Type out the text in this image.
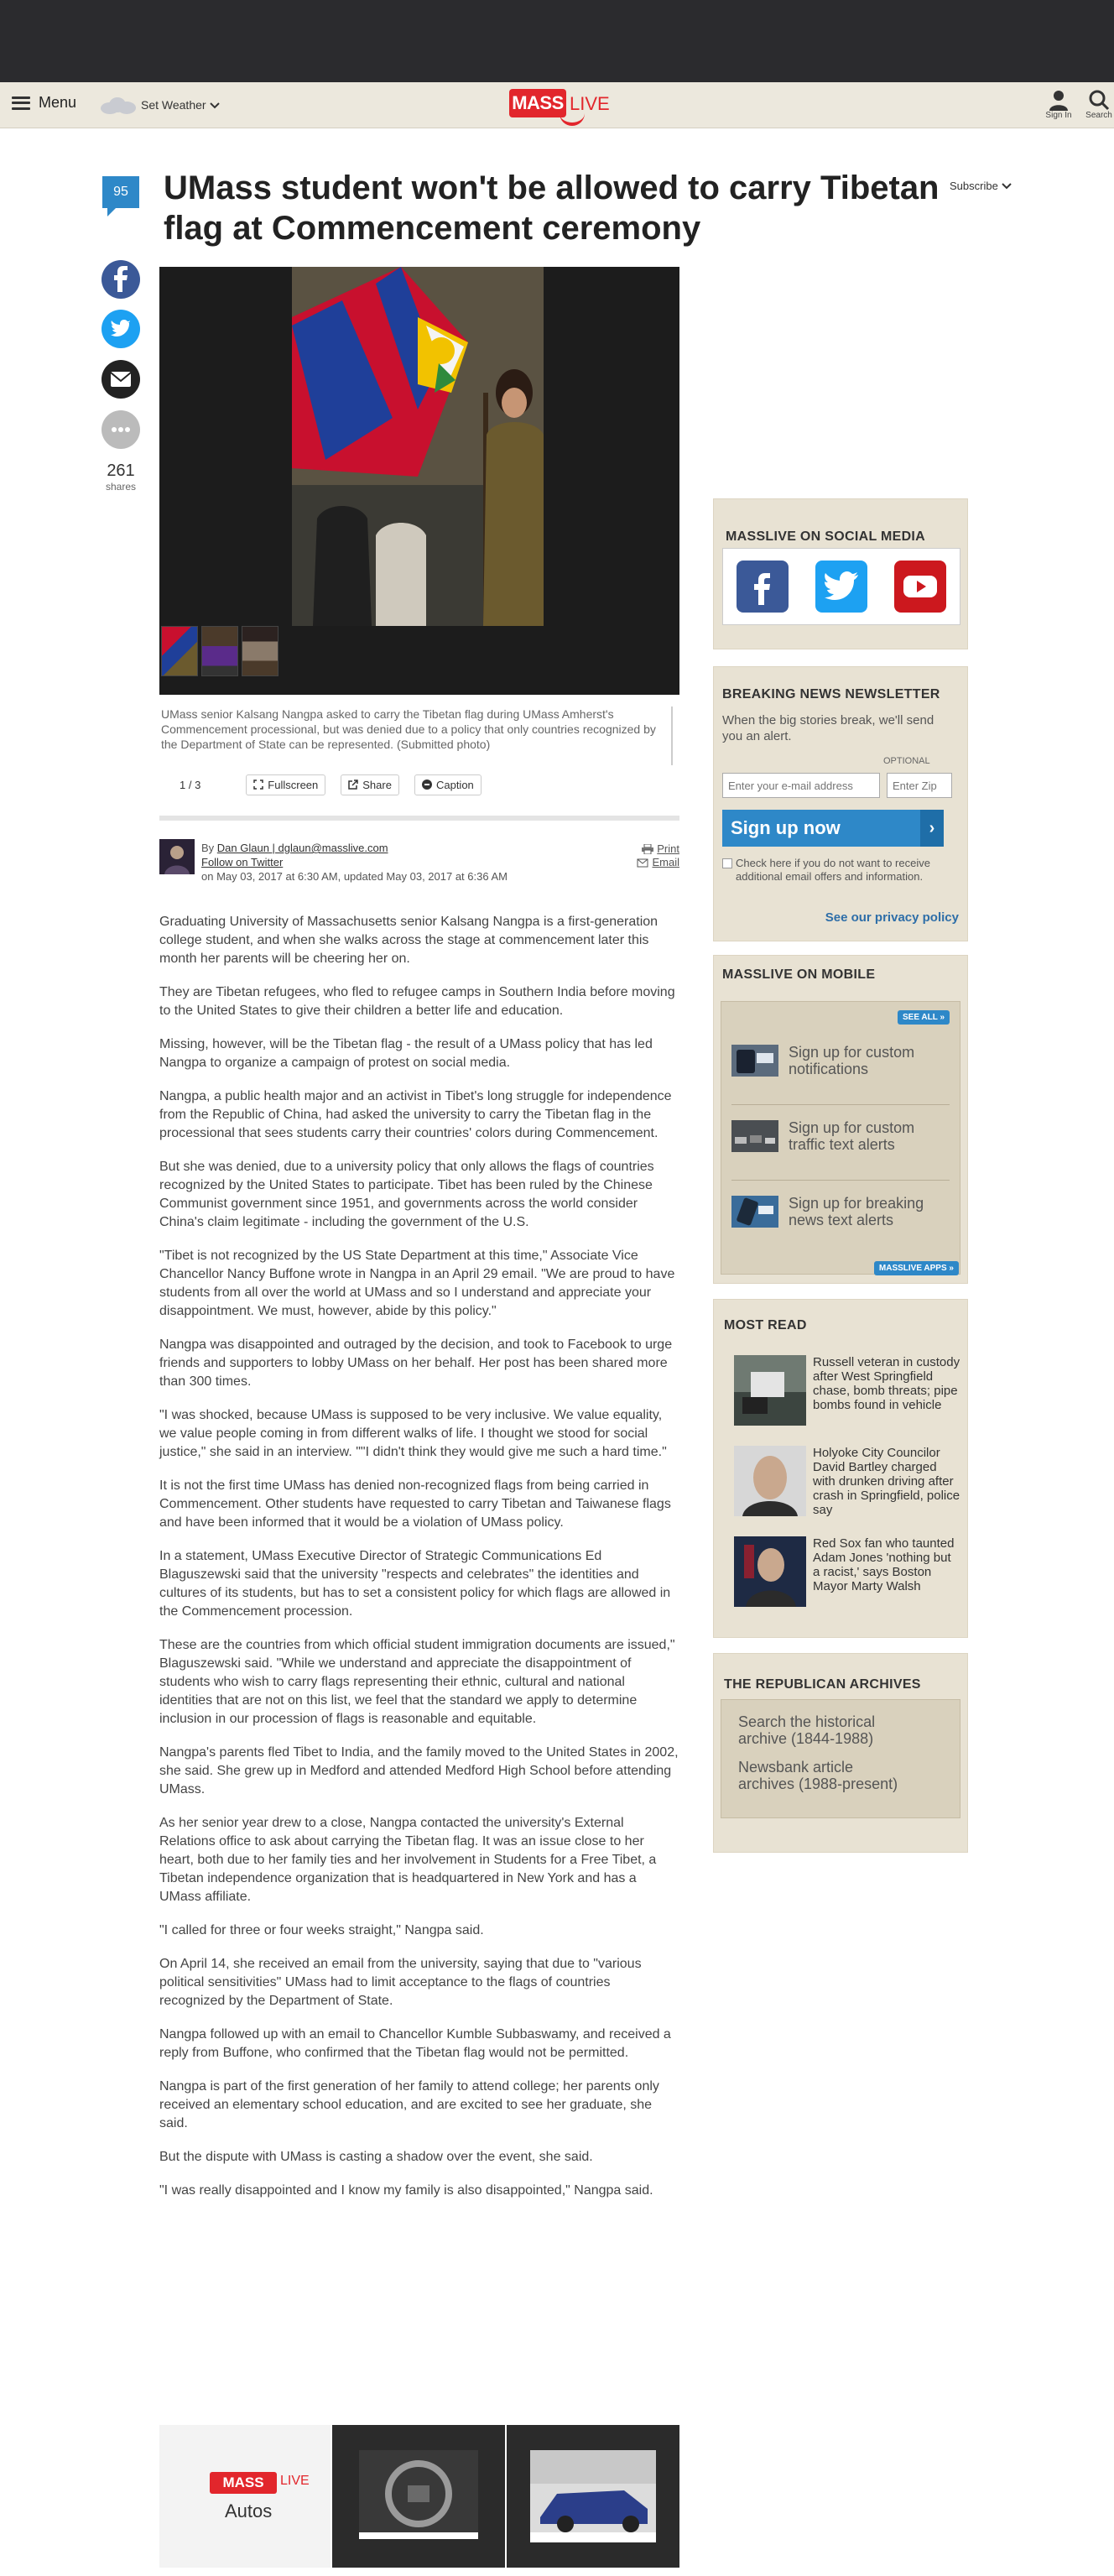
Menu	Set Weather
Subscribe
MASS LIVE
Sign In	Search
95	UMass student won't be allowed to carry Tibetan flag at Commencement ceremony
261
shares
UMass senior Kalsang Nangpa asked to carry the Tibetan flag during UMass Amherst's Commencement processional, but was denied due to a policy that only countries recognized by the Department of State can be represented. (Submitted photo)
1 / 3	Fullscreen	Share	Caption
By Dan Glaun | dglaun@masslive.com
Follow on Twitter
on May 03, 2017 at 6:30 AM, updated May 03, 2017 at 6:36 AM
Print
Email

Graduating University of Massachusetts senior Kalsang Nangpa is a first-generation college student, and when she walks across the stage at commencement later this month her parents will be cheering her on.

They are Tibetan refugees, who fled to refugee camps in Southern India before moving to the United States to give their children a better life and education.

Missing, however, will be the Tibetan flag - the result of a UMass policy that has led Nangpa to organize a campaign of protest on social media.

Nangpa, a public health major and an activist in Tibet's long struggle for independence from the Republic of China, had asked the university to carry the Tibetan flag in the processional that sees students carry their countries' colors during Commencement.

But she was denied, due to a university policy that only allows the flags of countries recognized by the United States to participate. Tibet has been ruled by the Chinese Communist government since 1951, and governments across the world consider China's claim legitimate - including the government of the U.S.

"Tibet is not recognized by the US State Department at this time," Associate Vice Chancellor Nancy Buffone wrote in Nangpa in an April 29 email. "We are proud to have students from all over the world at UMass and so I understand and appreciate your disappointment. We must, however, abide by this policy."

Nangpa was disappointed and outraged by the decision, and took to Facebook to urge friends and supporters to lobby UMass on her behalf. Her post has been shared more than 300 times.

"I was shocked, because UMass is supposed to be very inclusive. We value equality, we value people coming in from different walks of life. I thought we stood for social justice," she said in an interview. ""I didn't think they would give me such a hard time."

It is not the first time UMass has denied non-recognized flags from being carried in Commencement. Other students have requested to carry Tibetan and Taiwanese flags and have been informed that it would be a violation of UMass policy.

In a statement, UMass Executive Director of Strategic Communications Ed Blaguszewski said that the university "respects and celebrates" the identities and cultures of its students, but has to set a consistent policy for which flags are allowed in the Commencement procession.

These are the countries from which official student immigration documents are issued," Blaguszewski said. "While we understand and appreciate the disappointment of students who wish to carry flags representing their ethnic, cultural and national identities that are not on this list, we feel that the standard we apply to determine inclusion in our procession of flags is reasonable and equitable.

Nangpa's parents fled Tibet to India, and the family moved to the United States in 2002, she said. She grew up in Medford and attended Medford High School before attending UMass.

As her senior year drew to a close, Nangpa contacted the university's External Relations office to ask about carrying the Tibetan flag. It was an issue close to her heart, both due to her family ties and her involvement in Students for a Free Tibet, a Tibetan independence organization that is headquartered in New York and has a UMass affiliate.

"I called for three or four weeks straight," Nangpa said.

On April 14, she received an email from the university, saying that due to "various political sensitivities" UMass had to limit acceptance to the flags of countries recognized by the Department of State.

Nangpa followed up with an email to Chancellor Kumble Subbaswamy, and received a reply from Buffone, who confirmed that the Tibetan flag would not be permitted.

Nangpa is part of the first generation of her family to attend college; her parents only received an elementary school education, and are excited to see her graduate, she said.

But the dispute with UMass is casting a shadow over the event, she said.

"I was really disappointed and I know my family is also disappointed," Nangpa said.

MASS	LIVE
Autos
MASSLIVE ON SOCIAL MEDIA
BREAKING NEWS NEWSLETTER
When the big stories break, we'll send you an alert.
OPTIONAL
Enter your e-mail address
Enter Zip
Sign up now	›
Check here if you do not want to receive additional email offers and information.
See our privacy policy
MASSLIVE ON MOBILE
SEE ALL »
Sign up for custom notifications
Sign up for custom traffic text alerts
Sign up for breaking news text alerts
MASSLIVE APPS »
MOST READ
Russell veteran in custody after West Springfield chase, bomb threats; pipe bombs found in vehicle
Holyoke City Councilor David Bartley charged with drunken driving after crash in Springfield, police say
Red Sox fan who taunted Adam Jones 'nothing but a racist,' says Boston Mayor Marty Walsh
THE REPUBLICAN ARCHIVES
Search the historical archive (1844-1988)
Newsbank article archives (1988-present)
